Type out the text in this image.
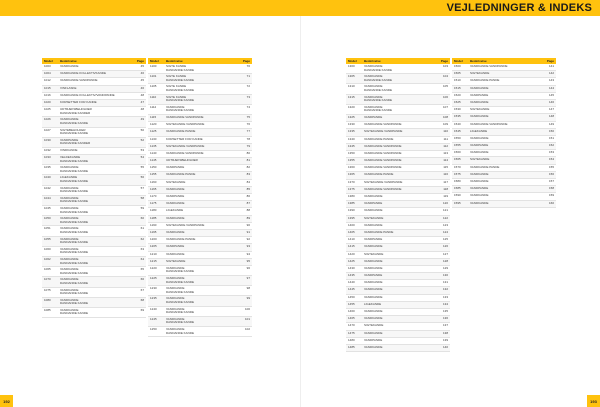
VEJLEDNINGER & INDEKS
Model	Beskrivelse	Page
1003	VANDKANDE	45
1004	VANDKANDE KOLLEKTIVKANDE	46
1012	VANDKANDE VANDPANDE	45
1015	VINFLASKE	46
1016	VANDKANDE KOLLEKTIV/VANDPANDE	48
1020	KORSETTER FOR KANDE	47
1025	UDTRÆKSBEHOLDER
DANDANDE KANDER
48
1026	VANDKANDE
DANDANDE KANDE
49
1027	SIGTEBEHOLDER
DANDANDE KANDE
50
1030	VANDPANDE
DANDANDE KANDER
52
1032	VINDKANDE	53
1033	VELDEKANDE
DANDANDE KANDE
54
1035	VANDKANDE
DANDANDE KANDE
55
1040	LIGEKANDE
DANDANDE KANDE
56
1042	VANDKANDE
DANDANDE KANDE
57
1044	VANDKANDE
DANDANDE KANDE
58
1045	VANDKANDE
DANDANDE KANDE
59
1050	VANDKANDE
DANDANDE KANDE
60
1051	VANDKANDE
DANDANDE KANDE
61
1055	VANDKANDE
DANDANDE KANDE
62
1060	VANDKANDE
DANDANDE KANDE
63
1062	VANDKANDE
DANDANDE KANDE
64
1065	VANDKANDE
DANDANDE KANDE
65
1070	VANDKANDE
DANDANDE KANDE
66
1075	VANDKANDE
DANDANDE KANDE
67
1080	VANDKANDE
DANDANDE KANDE
68
1085	VANDKANDE
DANDANDE KANDE
69
Model	Beskrivelse	Page
1100	SIGTE KANDE
DANDANDE KANDE
70
1101	SIGTE KANDE
DANDANDE KANDE
71
1105	SIGTE KANDE
DANDANDE KANDE
72
1110	SIGTE KANDE
DANDANDE KANDE
73
1112	VANDKANDE
DANDANDE KANDE
74
1115	VANDKANDE VANDPANDE	75
1120	SIGTEKANDE VANDPANDE	76
1125	VANDKANDE PANDE	77
1130	KORSETTER FOR KANDE	78
1135	SIGTEKANDE VANDPANDE	79
1140	VANDKANDE VANDPANDE	80
1145	UDTRÆKSBEHOLDER	81
1150	VANDPANDE	82
1155	VANDKANDE PANDE	83
1160	SIGTEKANDE	84
1165	VANDKANDE	85
1170	VANDPANDE	86
1175	VANDKANDE	87
1180	LIGEKANDE	88
1185	VANDKANDE	89
1190	SIGTEKANDE VANDPANDE	90
1195	VANDKANDE	91
1200	VANDKANDE PANDE	92
1205	VANDPANDE	93
1210	VANDKANDE	94
1215	SIGTEKANDE	95
1220	VANDKANDE
DANDANDE KANDE
96
1225	VANDKANDE
DANDANDE KANDE
97
1230	VANDKANDE
DANDANDE KANDE
98
1235	VANDKANDE
DANDANDE KANDE
99
1240	VANDKANDE
DANDANDE KANDE
100
1245	VANDKANDE
DANDANDE KANDE
101
1250	VANDKANDE
DANDANDE KANDE
102
Model	Beskrivelse	Page
1300	VANDKANDE
DANDANDE KANDE
103
1305	VANDKANDE
DANDANDE KANDE
104
1310	VANDKANDE
DANDANDE KANDE
105
1315	VANDKANDE
DANDANDE KANDE
106
1320	VANDKANDE
DANDANDE KANDE
107
1325	VANDPANDE	108
1330	VANDKANDE VANDPANDE	109
1335	SIGTEKANDE VANDPANDE	110
1340	VANDKANDE PANDE	111
1345	VANDKANDE VANDPANDE	112
1350	VANDKANDE VANDPANDE	113
1355	VANDKANDE VANDPANDE	114
1360	VANDKANDE VANDPANDE	115
1365	VANDKANDE PANDE	116
1370	SIGTEKANDE VANDPANDE	117
1375	VANDKANDE VANDPANDE	118
1380	VANDKANDE	119
1385	VANDPANDE	120
1390	VANDKANDE	121
1395	SIGTEKANDE	122
1400	VANDKANDE	123
1405	VANDKANDE PANDE	124
1410	VANDPANDE	125
1415	VANDKANDE	126
1420	SIGTEKANDE	127
1425	VANDKANDE	128
1430	VANDKANDE	129
1435	VANDPANDE	130
1440	VANDKANDE	131
1445	VANDKANDE	132
1450	VANDKANDE	133
1455	LIGEKANDE	134
1460	VANDKANDE	135
1465	VANDKANDE	136
1470	SIGTEKANDE	137
1475	VANDKANDE	138
1480	VANDPANDE	139
1485	VANDKANDE	140
Model	Beskrivelse	Page
1500	VANDKANDE VANDPANDE	141
1505	SIGTEKANDE	142
1510	VANDKANDE PANDE	143
1515	VANDKANDE	144
1520	VANDPANDE	145
1525	VANDKANDE	146
1530	SIGTEKANDE	147
1535	VANDKANDE	148
1540	VANDKANDE VANDPANDE	149
1545	LIGEKANDE	150
1550	VANDKANDE	151
1555	VANDPANDE	152
1560	VANDKANDE	153
1565	SIGTEKANDE	154
1570	VANDKANDE PANDE	155
1575	VANDKANDE	156
1580	VANDKANDE	157
1585	VANDPANDE	158
1590	VANDKANDE	159
1595	VANDKANDE	160
192	193
